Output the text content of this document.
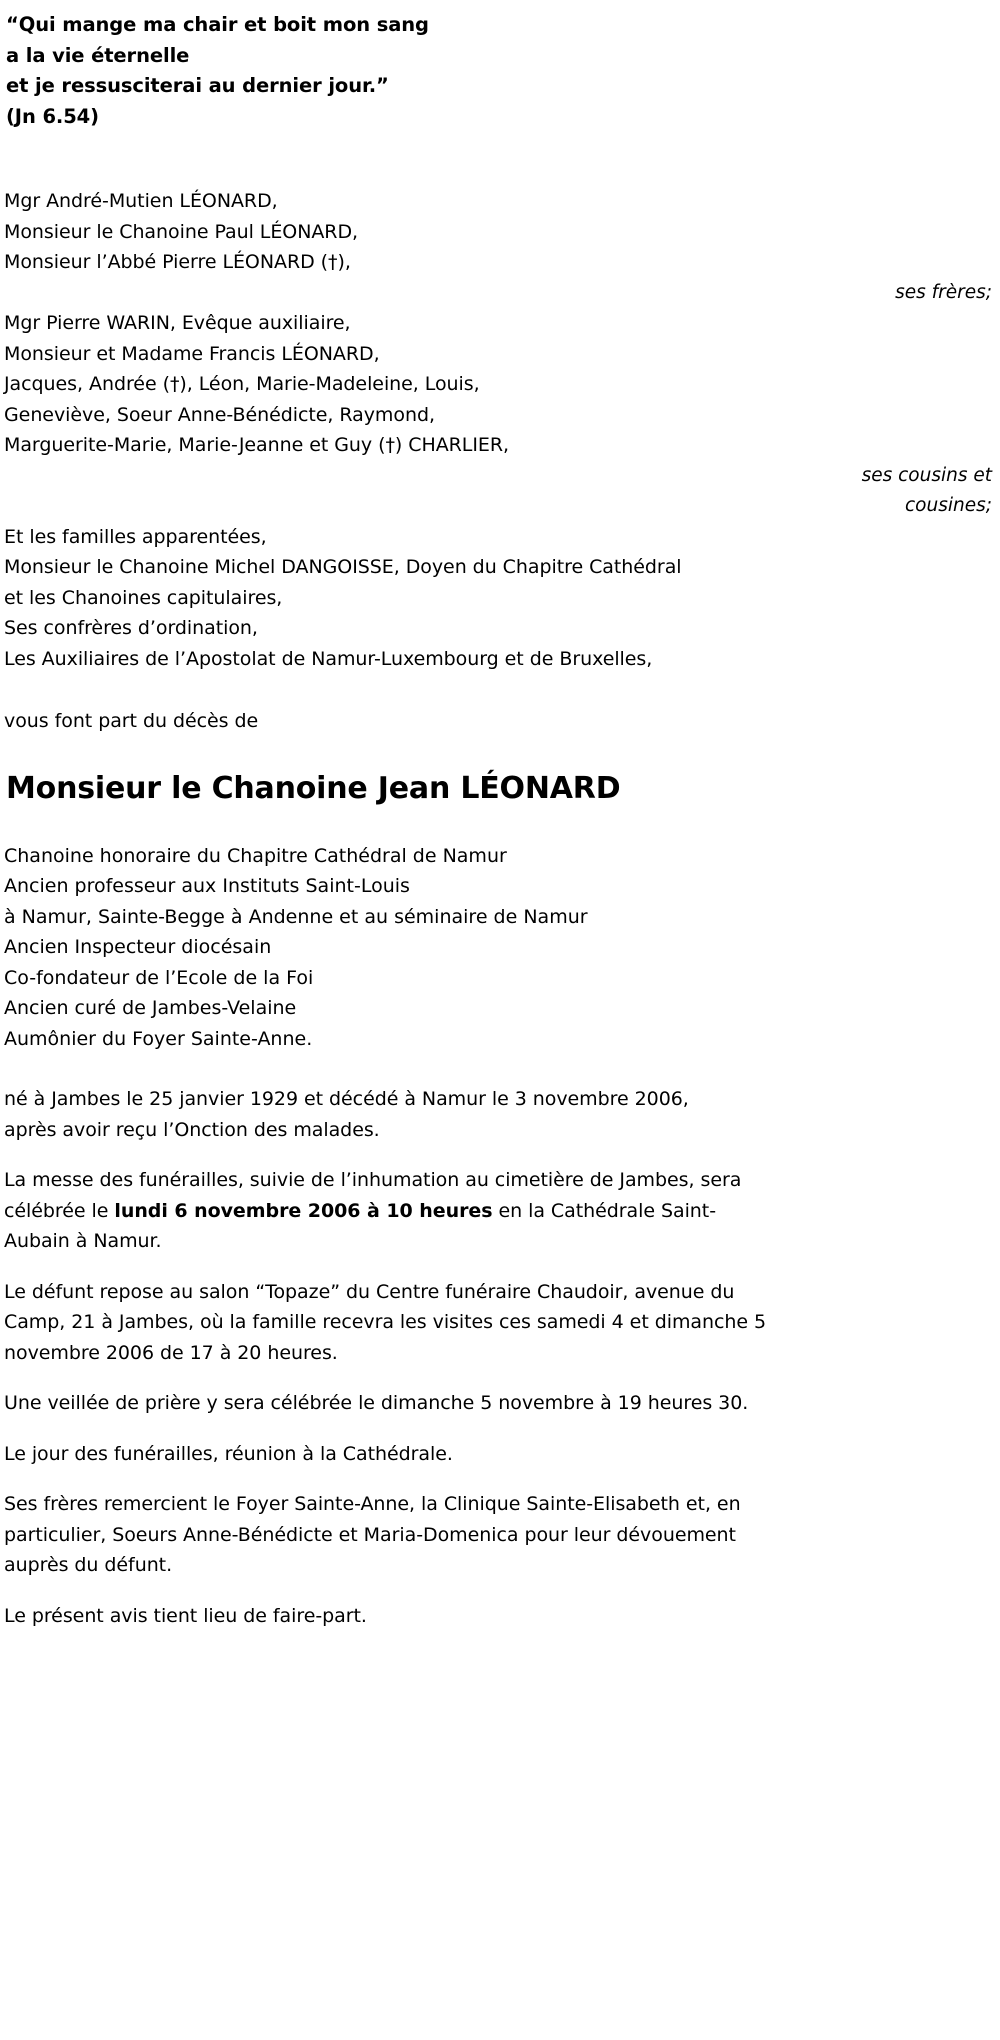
“Qui mange ma chair et boit mon sang
a la vie éternelle
et je ressusciterai au dernier jour.”
(Jn 6.54)
Mgr André-Mutien LÉONARD,
Monsieur le Chanoine Paul LÉONARD,
Monsieur l’Abbé Pierre LÉONARD (†),
ses frères;
Mgr Pierre WARIN, Evêque auxiliaire,
Monsieur et Madame Francis LÉONARD,
Jacques, Andrée (†), Léon, Marie-Madeleine, Louis,
Geneviève, Soeur Anne-Bénédicte, Raymond,
Marguerite-Marie, Marie-Jeanne et Guy (†) CHARLIER,
ses cousins et
cousines;
Et les familles apparentées,
Monsieur le Chanoine Michel DANGOISSE, Doyen du Chapitre Cathédral
et les Chanoines capitulaires,
Ses confrères d’ordination,
Les Auxiliaires de l’Apostolat de Namur-Luxembourg et de Bruxelles,
vous font part du décès de
Monsieur le Chanoine Jean LÉONARD
Chanoine honoraire du Chapitre Cathédral de Namur
Ancien professeur aux Instituts Saint-Louis
à Namur, Sainte-Begge à Andenne et au séminaire de Namur
Ancien Inspecteur diocésain
Co-fondateur de l’Ecole de la Foi
Ancien curé de Jambes-Velaine
Aumônier du Foyer Sainte-Anne.
né à Jambes le 25 janvier 1929 et décédé à Namur le 3 novembre 2006,
après avoir reçu l’Onction des malades.
La messe des funérailles, suivie de l’inhumation au cimetière de Jambes, sera célébrée le lundi 6 novembre 2006 à 10 heures en la Cathédrale Saint-Aubain à Namur.
Le défunt repose au salon “Topaze” du Centre funéraire Chaudoir, avenue du Camp, 21 à Jambes, où la famille recevra les visites ces samedi 4 et dimanche 5 novembre 2006 de 17 à 20 heures.
Une veillée de prière y sera célébrée le dimanche 5 novembre à 19 heures 30.
Le jour des funérailles, réunion à la Cathédrale.
Ses frères remercient le Foyer Sainte-Anne, la Clinique Sainte-Elisabeth et, en particulier, Soeurs Anne-Bénédicte et Maria-Domenica pour leur dévouement auprès du défunt.
Le présent avis tient lieu de faire-part.
